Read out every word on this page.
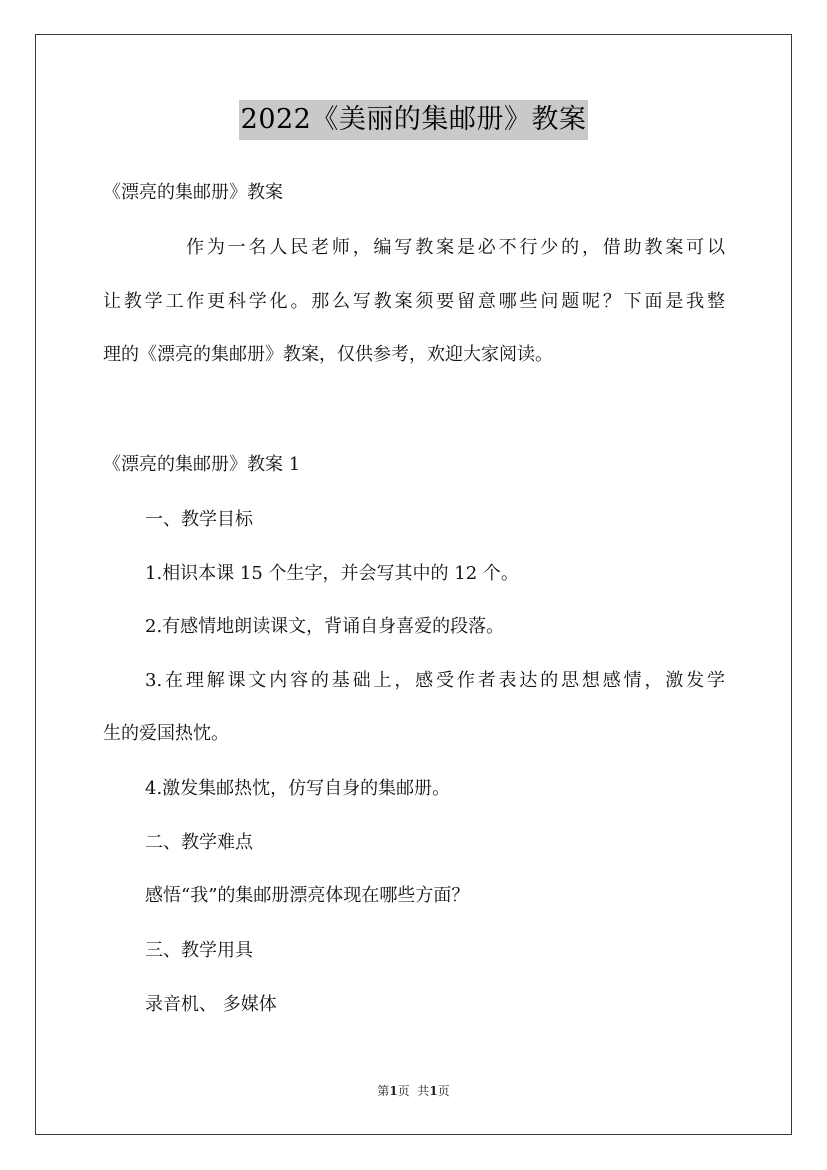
2022《美丽的集邮册》教案
《漂亮的集邮册》教案
作为一名人民老师，编写教案是必不行少的，借助教案可以
让教学工作更科学化。那么写教案须要留意哪些问题呢？下面是我整
理的《漂亮的集邮册》教案，仅供参考，欢迎大家阅读。
《漂亮的集邮册》教案 1
一、教学目标
1.相识本课 15 个生字，并会写其中的 12 个。
2.有感情地朗读课文，背诵自身喜爱的段落。
3.在理解课文内容的基础上，感受作者表达的思想感情，激发学
生的爱国热忱。
4.激发集邮热忱，仿写自身的集邮册。
二、教学难点
感悟“我”的集邮册漂亮体现在哪些方面？
三、教学用具
录音机、 多媒体
第1页  共1页
